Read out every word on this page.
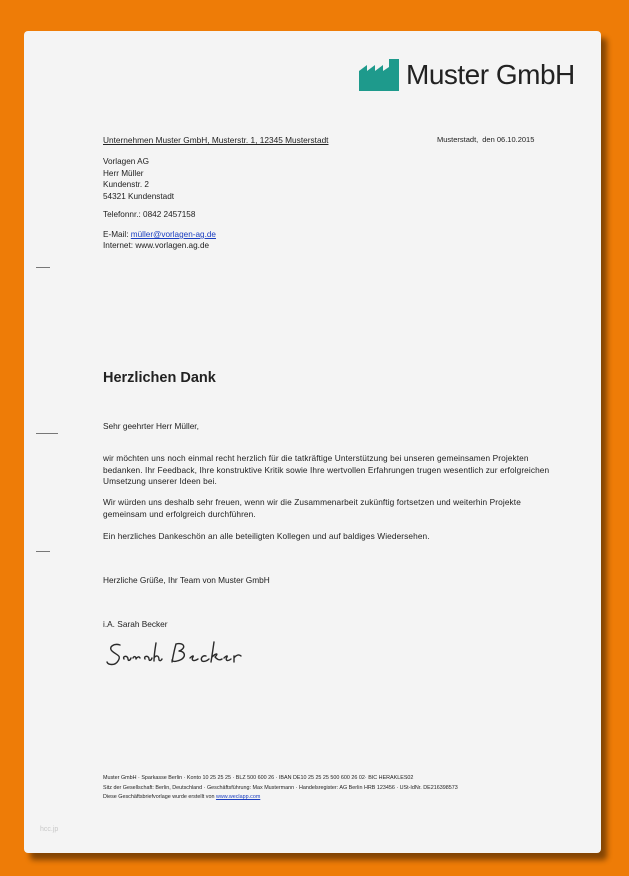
Muster GmbH
Unternehmen Muster GmbH, Musterstr. 1, 12345 Musterstadt	Musterstadt, den 06.10.2015
Vorlagen AG
Herr Müller
Kundenstr. 2
54321 Kundenstadt
Telefonnr.: 0842 2457158
E-Mail: müller@vorlagen-ag.de
Internet: www.vorlagen.ag.de
Herzlichen Dank
Sehr geehrter Herr Müller,
wir möchten uns noch einmal recht herzlich für die tatkräftige Unterstützung bei unseren gemeinsamen Projekten bedanken. Ihr Feedback, Ihre konstruktive Kritik sowie Ihre wertvollen Erfahrungen trugen wesentlich zur erfolgreichen Umsetzung unserer Ideen bei.
Wir würden uns deshalb sehr freuen, wenn wir die Zusammenarbeit zukünftig fortsetzen und weiterhin Projekte gemeinsam und erfolgreich durchführen.
Ein herzliches Dankeschön an alle beteiligten Kollegen und auf baldiges Wiedersehen.
Herzliche Grüße, Ihr Team von Muster GmbH
i.A. Sarah Becker
Muster GmbH · Sparkasse Berlin · Konto 10 25 25 25 · BLZ 500 600 26 · IBAN DE10 25 25 25 500 600 26 02· BIC HERAKLES02
Sitz der Gesellschaft: Berlin, Deutschland · Geschäftsführung: Max Mustermann · Handelsregister: AG Berlin HRB 123456 · USt-IdNr. DE216398573
Diese Geschäftsbriefvorlage wurde erstellt von www.weclapp.com
hcc.jp
